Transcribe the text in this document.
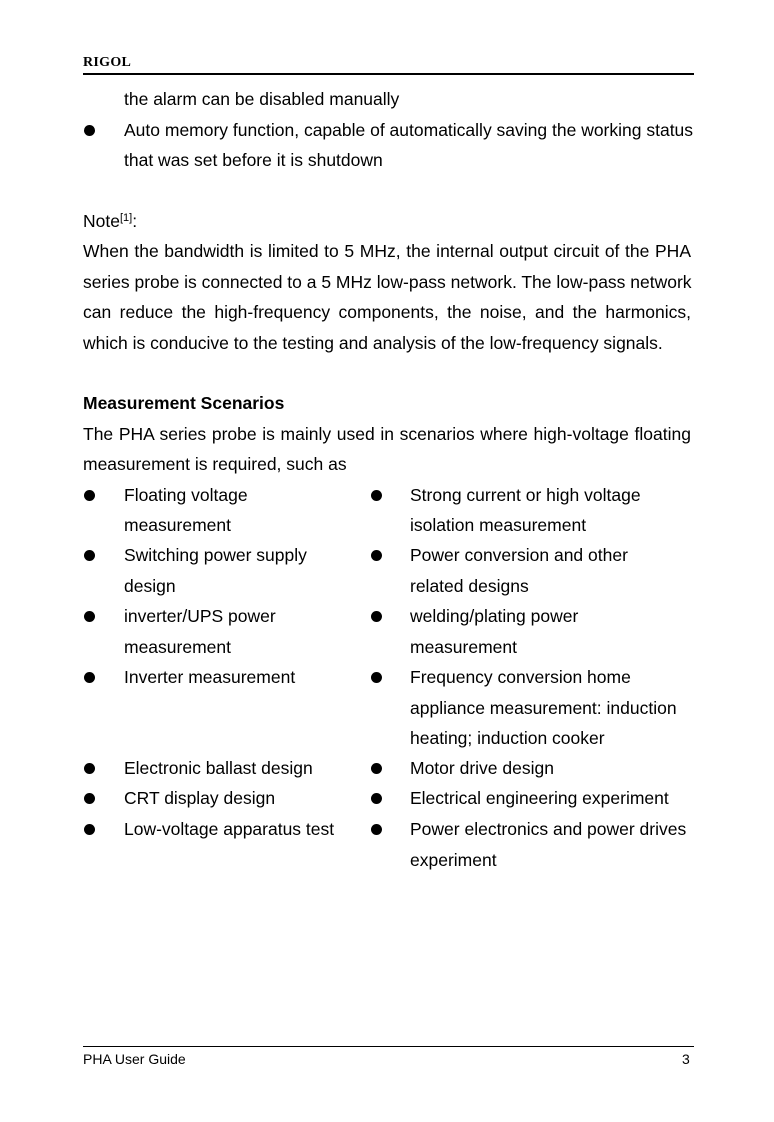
RIGOL
the alarm can be disabled manually
Auto memory function, capable of automatically saving the working status
that was set before it is shutdown
Note[1]:
When the bandwidth is limited to 5 MHz, the internal output circuit of the PHA
series probe is connected to a 5 MHz low-pass network. The low-pass network
can reduce the high-frequency components, the noise, and the harmonics,
which is conducive to the testing and analysis of the low-frequency signals.
Measurement Scenarios
The PHA series probe is mainly used in scenarios where high-voltage floating
measurement is required, such as
Floating voltage
measurement
Switching power supply
design
inverter/UPS power
measurement
Inverter measurement
Electronic ballast design
CRT display design
Low-voltage apparatus test
Strong current or high voltage
isolation measurement
Power conversion and other
related designs
welding/plating power
measurement
Frequency conversion home
appliance measurement: induction
heating; induction cooker
Motor drive design
Electrical engineering experiment
Power electronics and power drives
experiment
PHA User Guide	3
